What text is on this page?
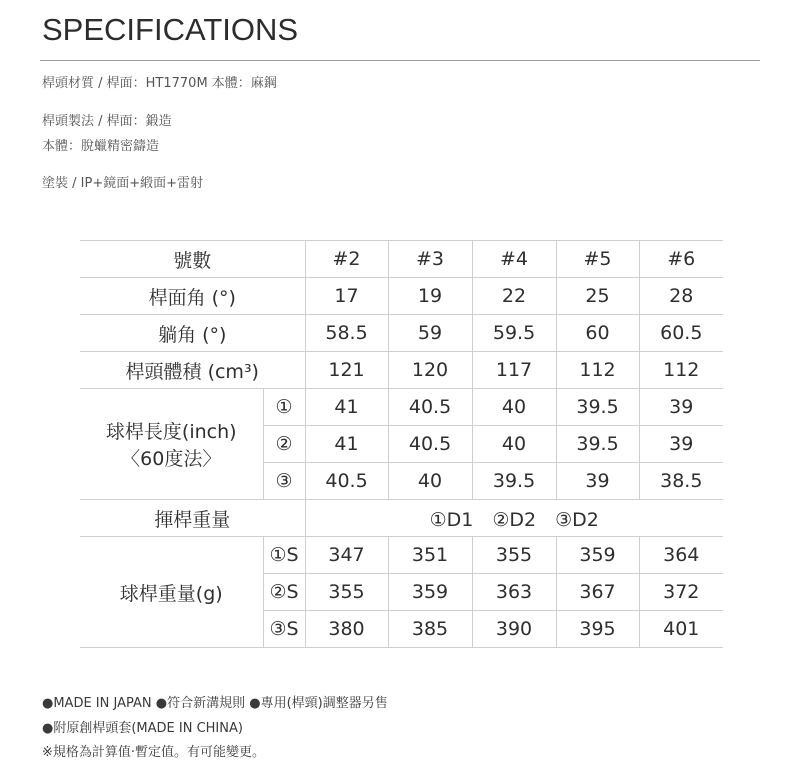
SPECIFICATIONS
桿頭材質 / 桿面：HT1770M 本體：麻鋼
桿頭製法 / 桿面：鍛造
本體：脫蠟精密鑄造
塗裝 / IP+鏡面+緞面+雷射
號數		#2	#3	#4	#5	#6
桿面角 (°)		17	19	22	25	28
躺角 (°)		58.5	59	59.5	60	60.5
桿頭體積 (cm³)		121	120	117	112	112

球桿長度(inch)
〈60度法〉	①	41	40.5	40	39.5	39
	②	41	40.5	40	39.5	39
	③	40.5	40	39.5	39	38.5
揮桿重量		①D1　②D2　③D2				
球桿重量(g)	①S	347	351	355	359	364
	②S	355	359	363	367	372
	③S	380	385	390	395	401
●MADE IN JAPAN ●符合新溝規則 ●專用(桿頸)調整器另售
●附原創桿頭套(MADE IN CHINA)
※規格為計算值‧暫定值。有可能變更。
